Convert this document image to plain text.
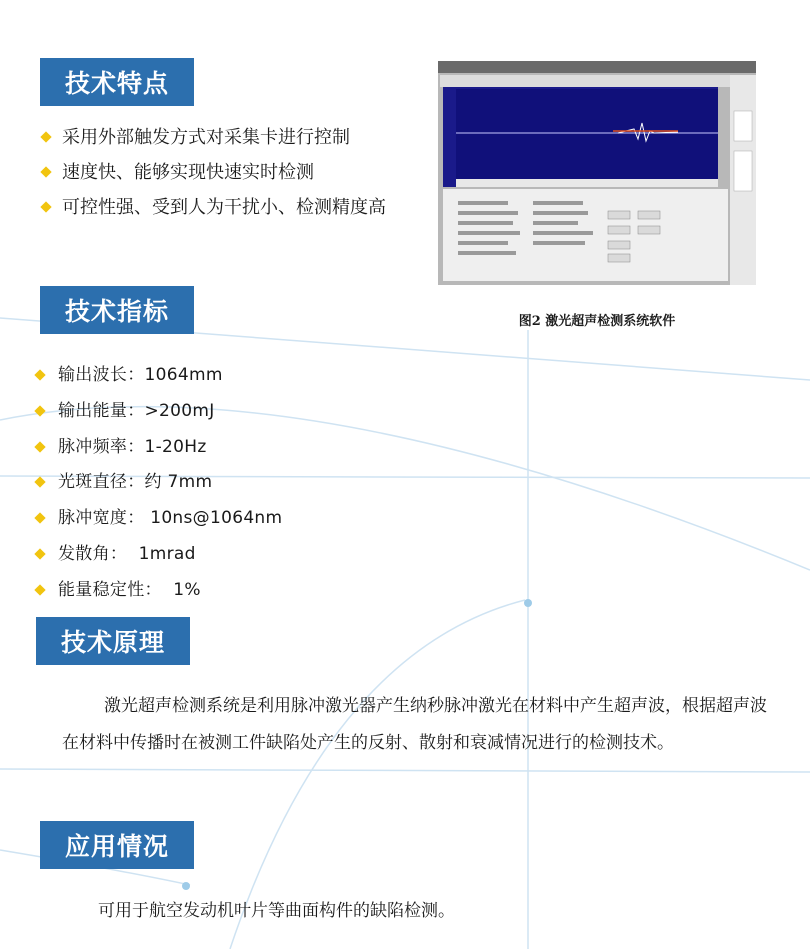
技术特点
采用外部触发方式对采集卡进行控制
速度快、能够实现快速实时检测
可控性强、受到人为干扰小、检测精度高
图2 激光超声检测系统软件
技术指标
输出波长：1064mm
输出能量：>200mJ
脉冲频率：1-20Hz
光斑直径：约 7mm
脉冲宽度： 10ns@1064nm
发散角：  1mrad
能量稳定性：  1%
技术原理

激光超声检测系统是利用脉冲激光器产生纳秒脉冲激光在材料中产生超声波，根据超声波在材料中传播时在被测工件缺陷处产生的反射、散射和衰减情况进行的检测技术。

应用情况

可用于航空发动机叶片等曲面构件的缺陷检测。
